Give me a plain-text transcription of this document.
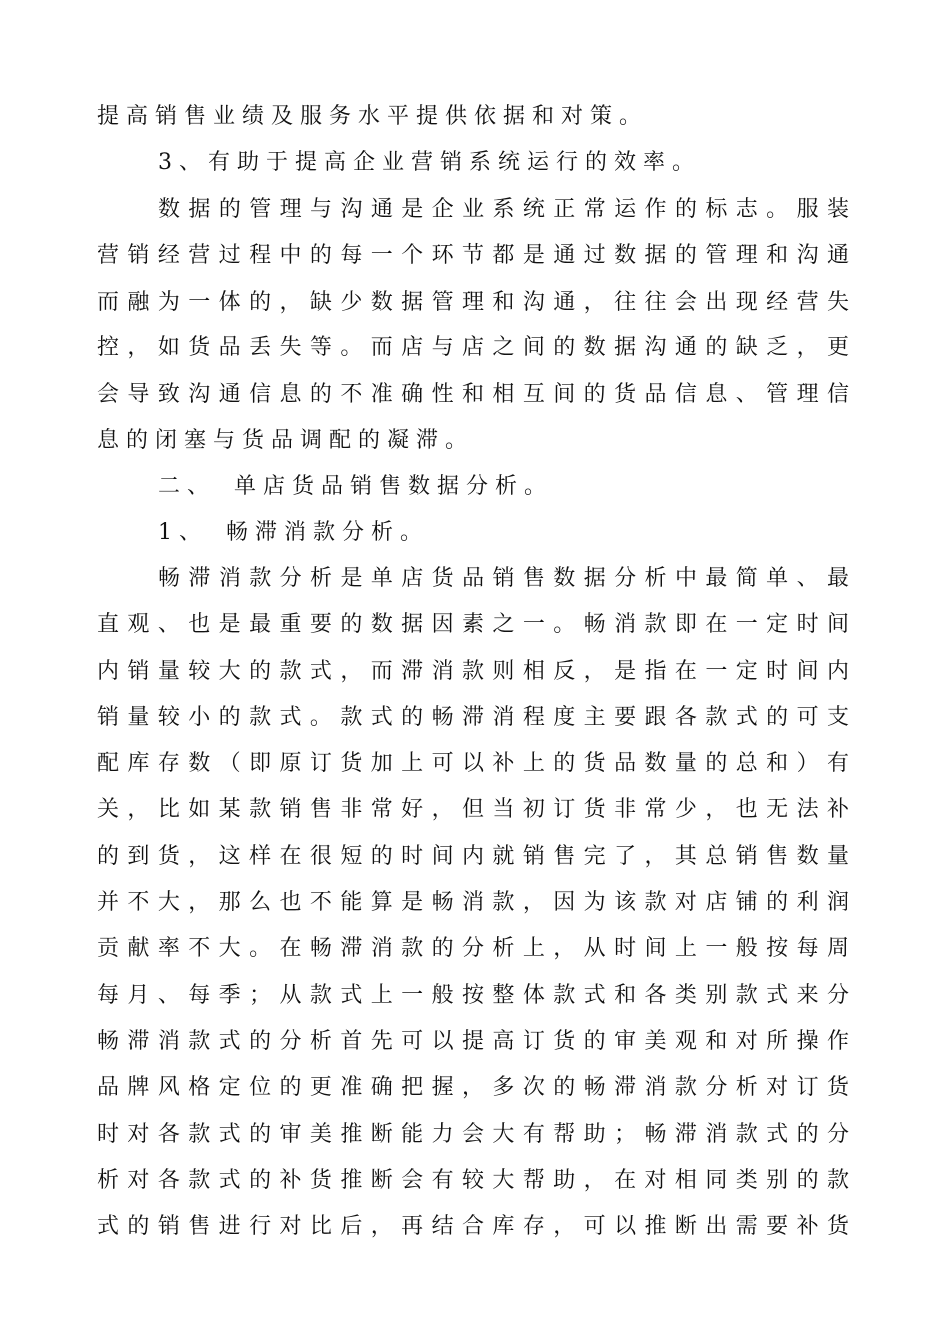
提高销售业绩及服务水平提供依据和对策。
3、有助于提高企业营销系统运行的效率。
数据的管理与沟通是企业系统正常运作的标志。服装
营销经营过程中的每一个环节都是通过数据的管理和沟通
而融为一体的，缺少数据管理和沟通，往往会出现经营失
控，如货品丢失等。而店与店之间的数据沟通的缺乏，更
会导致沟通信息的不准确性和相互间的货品信息、管理信
息的闭塞与货品调配的凝滞。
二、　单店货品销售数据分析。
1、　畅滞消款分析。
畅滞消款分析是单店货品销售数据分析中最简单、最
直观、也是最重要的数据因素之一。畅消款即在一定时间
内销量较大的款式，而滞消款则相反，是指在一定时间内
销量较小的款式。款式的畅滞消程度主要跟各款式的可支
配库存数（即原订货加上可以补上的货品数量的总和）有
关，比如某款销售非常好，但当初订货非常少，也无法补
的到货，这样在很短的时间内就销售完了，其总销售数量
并不大，那么也不能算是畅消款，因为该款对店铺的利润
贡献率不大。在畅滞消款的分析上，从时间上一般按每周
每月、每季；从款式上一般按整体款式和各类别款式来分
畅滞消款式的分析首先可以提高订货的审美观和对所操作
品牌风格定位的更准确把握，多次的畅滞消款分析对订货
时对各款式的审美推断能力会大有帮助；畅滞消款式的分
析对各款式的补货推断会有较大帮助，在对相同类别的款
式的销售进行对比后，再结合库存，可以推断出需要补货
